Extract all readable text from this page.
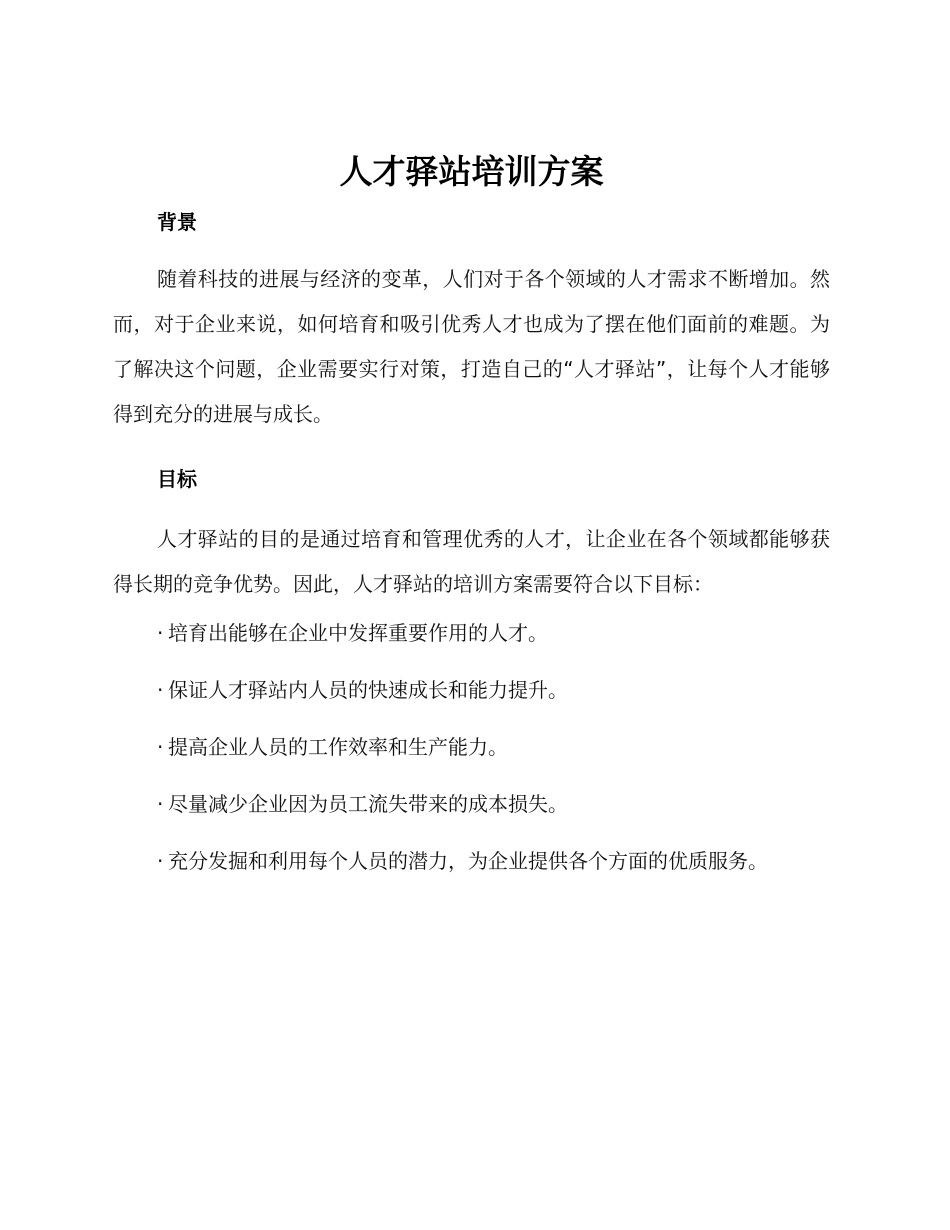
人才驿站培训方案
背景

随着科技的进展与经济的变革，人们对于各个领域的人才需求不断增加。然而，对于企业来说，如何培育和吸引优秀人才也成为了摆在他们面前的难题。为了解决这个问题，企业需要实行对策，打造自己的“人才驿站”，让每个人才能够得到充分的进展与成长。

目标

人才驿站的目的是通过培育和管理优秀的人才，让企业在各个领域都能够获得长期的竞争优势。因此，人才驿站的培训方案需要符合以下目标：

· 培育出能够在企业中发挥重要作用的人才。
· 保证人才驿站内人员的快速成长和能力提升。
· 提高企业人员的工作效率和生产能力。
· 尽量减少企业因为员工流失带来的成本损失。
· 充分发掘和利用每个人员的潜力，为企业提供各个方面的优质服务。
